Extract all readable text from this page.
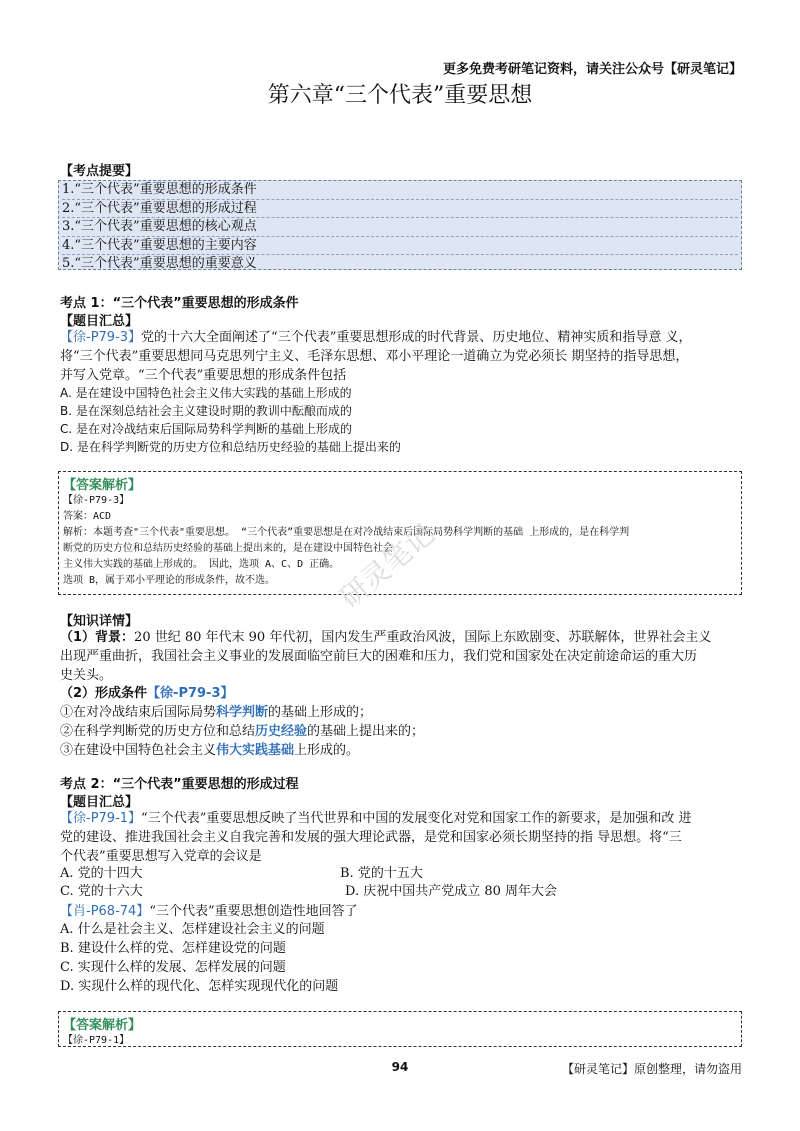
更多免费考研笔记资料，请关注公众号【研灵笔记】
第六章“三个代表”重要思想
【考点提要】
1.“三个代表”重要思想的形成条件
2.“三个代表”重要思想的形成过程
3.“三个代表”重要思想的核心观点
4.“三个代表”重要思想的主要内容
5.“三个代表”重要思想的重要意义
考点 1：“三个代表”重要思想的形成条件
【题目汇总】
【徐-P79-3】党的十六大全面阐述了“三个代表”重要思想形成的时代背景、历史地位、精神实质和指导意 义，
将“三个代表”重要思想同马克思列宁主义、毛泽东思想、邓小平理论一道确立为党必须长 期坚持的指导思想，
并写入党章。“三个代表”重要思想的形成条件包括
A. 是在建设中国特色社会主义伟大实践的基础上形成的
B. 是在深刻总结社会主义建设时期的教训中酝酿而成的
C. 是在对冷战结束后国际局势科学判断的基础上形成的
D. 是在科学判断党的历史方位和总结历史经验的基础上提出来的
【答案解析】
【徐-P79-3】
答案：ACD
解析：本题考查"三个代表"重要思想。 “三个代表”重要思想是在对冷战结束后国际局势科学判断的基础 上形成的，是在科学判
断党的历史方位和总结历史经验的基础上提出来的，是在建设中国特色社会
主义伟大实践的基础上形成的。 因此，选项 A、C、D 正确。
选项 B，属于邓小平理论的形成条件，故不选。	研灵笔记
【知识详情】
（1）背景：20 世纪 80 年代末 90 年代初，国内发生严重政治风波，国际上东欧剧变、苏联解体，世界社会主义
出现严重曲折，我国社会主义事业的发展面临空前巨大的困难和压力，我们党和国家处在决定前途命运的重大历
史关头。
（2）形成条件【徐-P79-3】
①在对冷战结束后国际局势科学判断的基础上形成的；
②在科学判断党的历史方位和总结历史经验的基础上提出来的；
③在建设中国特色社会主义伟大实践基础上形成的。
考点 2：“三个代表”重要思想的形成过程
【题目汇总】
【徐-P79-1】“三个代表”重要思想反映了当代世界和中国的发展变化对党和国家工作的新要求，是加强和改 进
党的建设、推进我国社会主义自我完善和发展的强大理论武器，是党和国家必须长期坚持的指 导思想。将“三
个代表”重要思想写入党章的会议是
A. 党的十四大	B. 党的十五大
C. 党的十六大	D. 庆祝中国共产党成立 80 周年大会
【肖-P68-74】“三个代表”重要思想创造性地回答了
A. 什么是社会主义、怎样建设社会主义的问题
B. 建设什么样的党、怎样建设党的问题
C. 实现什么样的发展、怎样发展的问题
D. 实现什么样的现代化、怎样实现现代化的问题
【答案解析】
【徐-P79-1】
94	【研灵笔记】原创整理，请勿盗用
